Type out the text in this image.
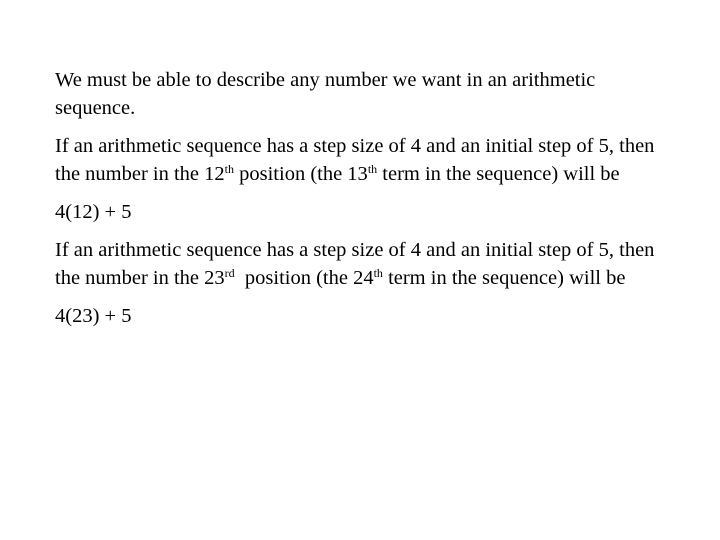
We must be able to describe any number we want in an arithmetic sequence.

If an arithmetic sequence has a step size of 4 and an initial step of 5, then the number in the 12th position (the 13th term in the sequence) will be

4(12) + 5

If an arithmetic sequence has a step size of 4 and an initial step of 5, then the number in the 23rd  position (the 24th term in the sequence) will be

4(23) + 5
